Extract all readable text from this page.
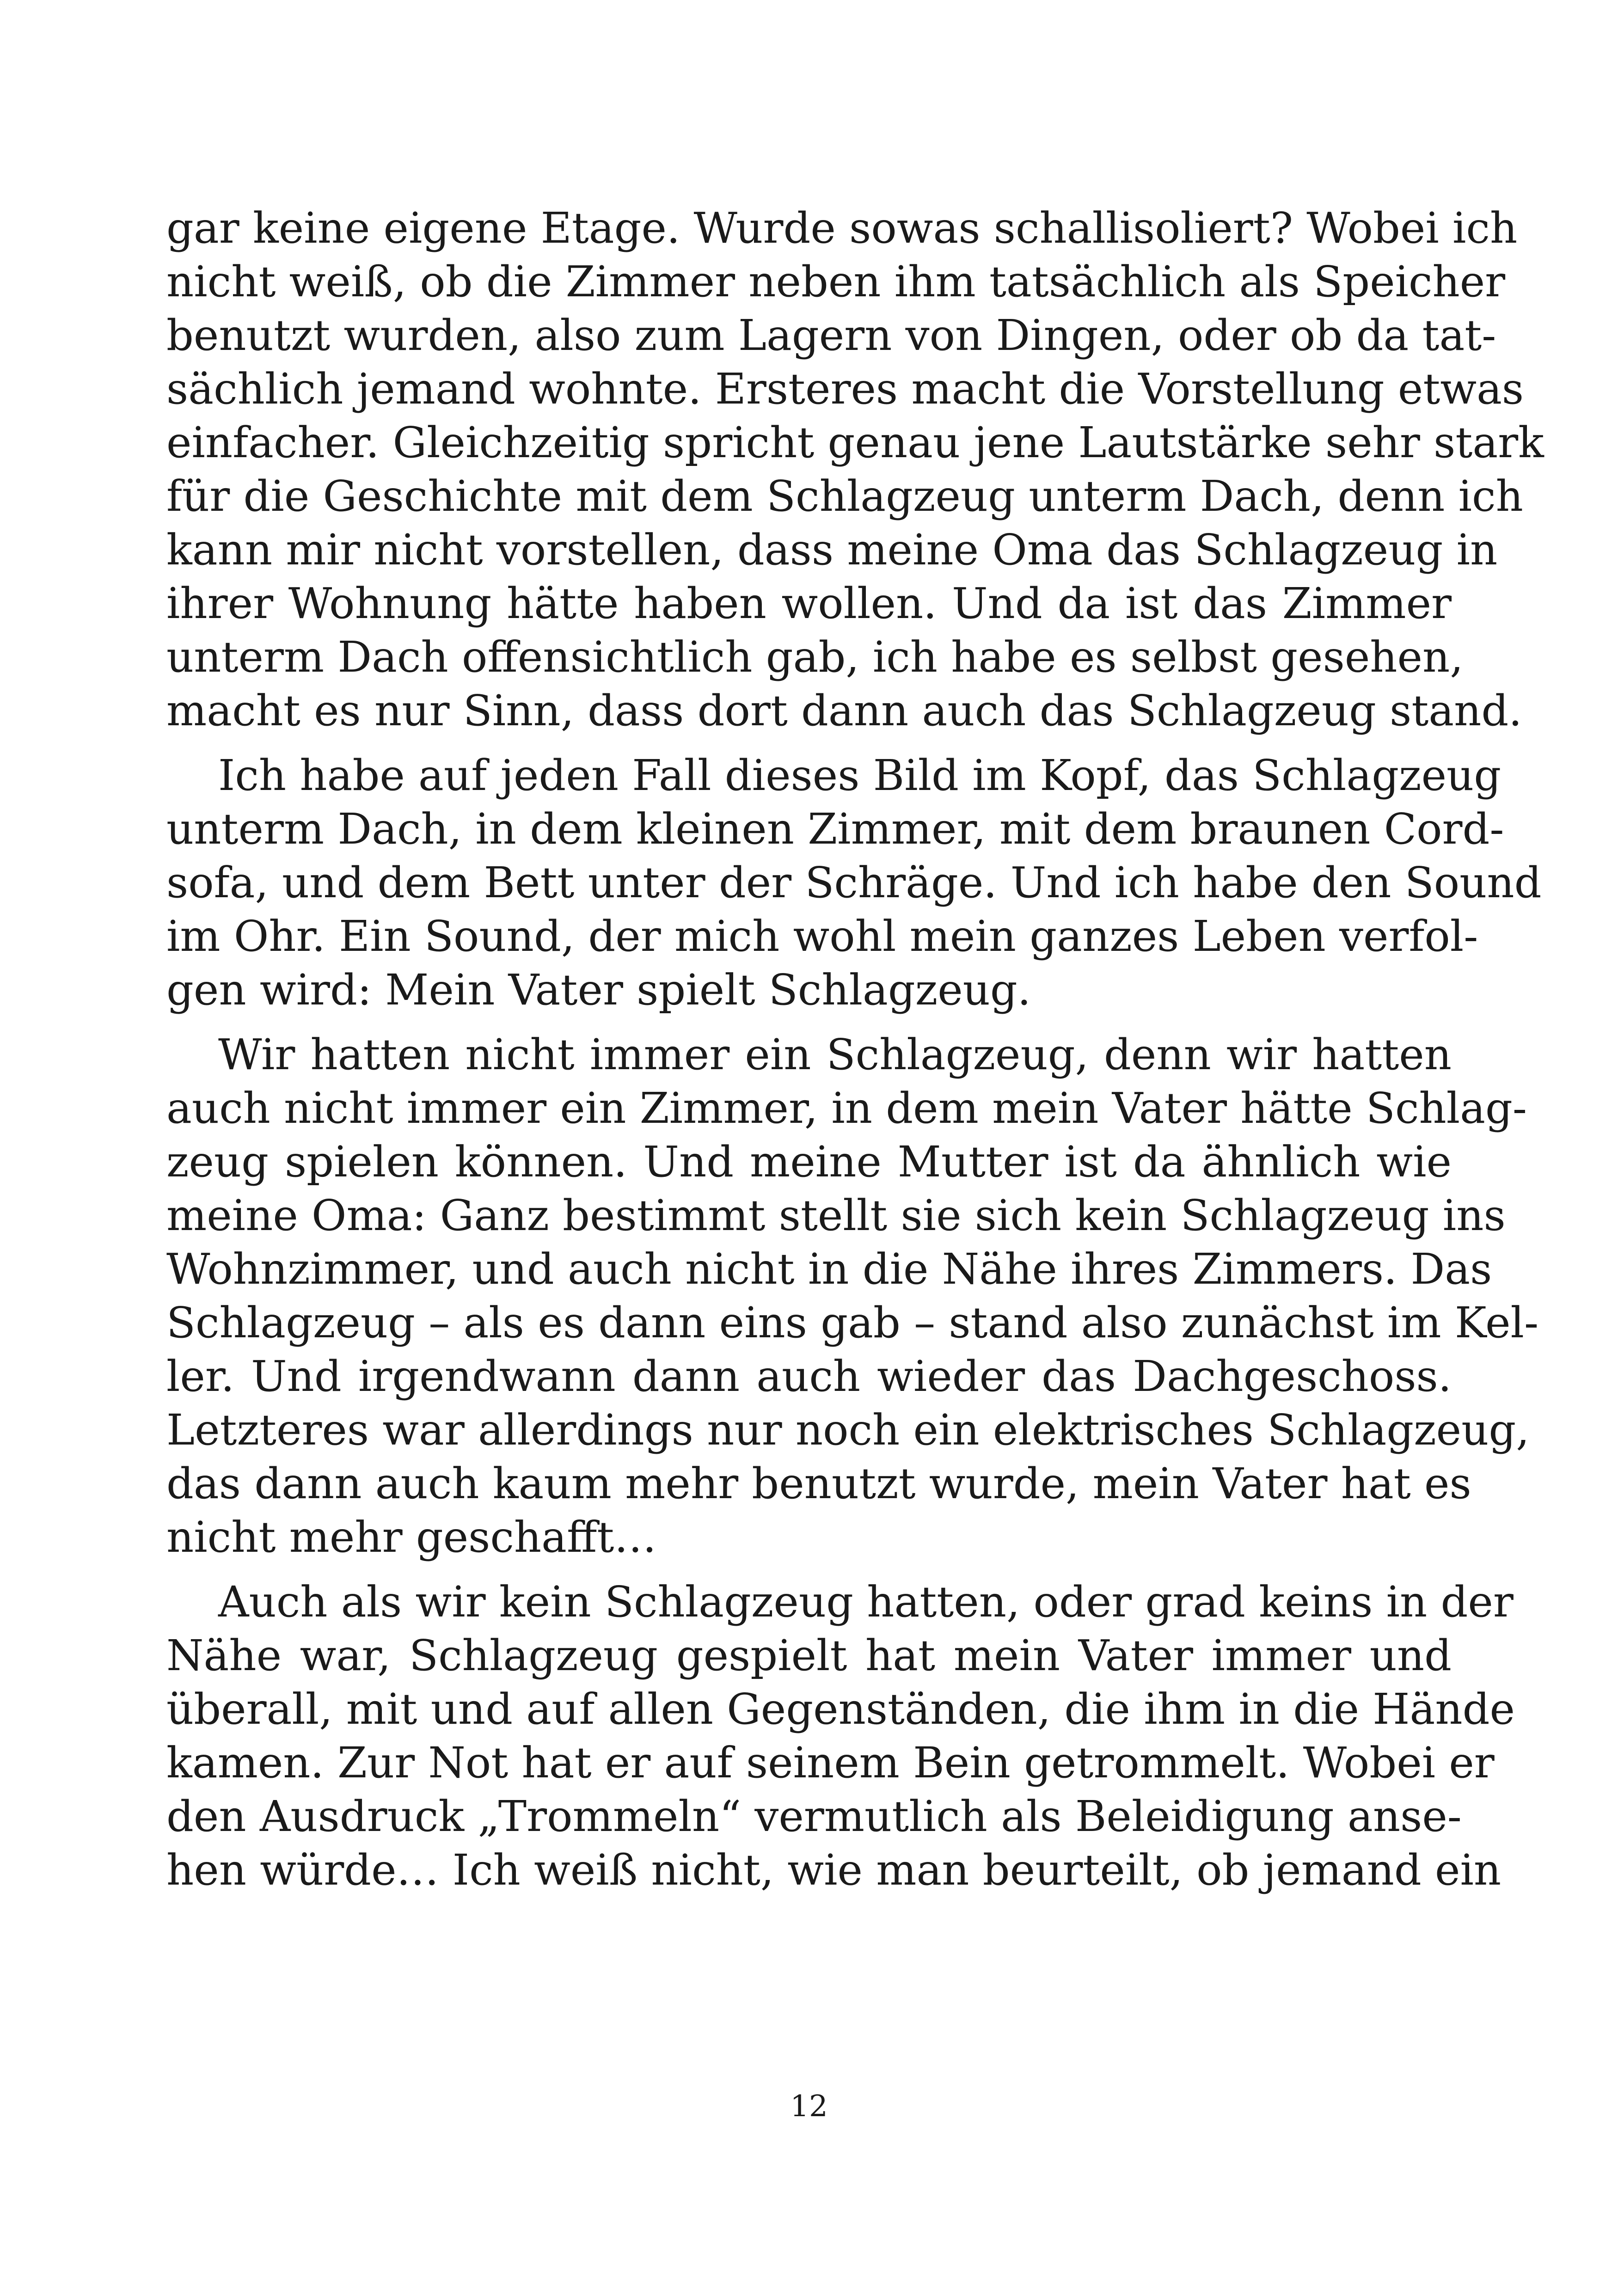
gar keine eigene Etage. Wurde sowas schallisoliert? Wobei ich
nicht weiß, ob die Zimmer neben ihm tatsächlich als Speicher
benutzt wurden, also zum Lagern von Dingen, oder ob da tat-
sächlich jemand wohnte. Ersteres macht die Vorstellung etwas
einfacher. Gleichzeitig spricht genau jene Lautstärke sehr stark
für die Geschichte mit dem Schlagzeug unterm Dach, denn ich
kann mir nicht vorstellen, dass meine Oma das Schlagzeug in
ihrer Wohnung hätte haben wollen. Und da ist das Zimmer
unterm Dach offensichtlich gab, ich habe es selbst gesehen,
macht es nur Sinn, dass dort dann auch das Schlagzeug stand.
Ich habe auf jeden Fall dieses Bild im Kopf, das Schlagzeug
unterm Dach, in dem kleinen Zimmer, mit dem braunen Cord-
sofa, und dem Bett unter der Schräge. Und ich habe den Sound
im Ohr. Ein Sound, der mich wohl mein ganzes Leben verfol-
gen wird: Mein Vater spielt Schlagzeug.
Wir hatten nicht immer ein Schlagzeug, denn wir hatten
auch nicht immer ein Zimmer, in dem mein Vater hätte Schlag-
zeug spielen können. Und meine Mutter ist da ähnlich wie
meine Oma: Ganz bestimmt stellt sie sich kein Schlagzeug ins
Wohnzimmer, und auch nicht in die Nähe ihres Zimmers. Das
Schlagzeug – als es dann eins gab – stand also zunächst im Kel-
ler. Und irgendwann dann auch wieder das Dachgeschoss.
Letzteres war allerdings nur noch ein elektrisches Schlagzeug,
das dann auch kaum mehr benutzt wurde, mein Vater hat es
nicht mehr geschafft…
Auch als wir kein Schlagzeug hatten, oder grad keins in der
Nähe war, Schlagzeug gespielt hat mein Vater immer und
überall, mit und auf allen Gegenständen, die ihm in die Hände
kamen. Zur Not hat er auf seinem Bein getrommelt. Wobei er
den Ausdruck „Trommeln“ vermutlich als Beleidigung anse-
hen würde… Ich weiß nicht, wie man beurteilt, ob jemand ein
12
